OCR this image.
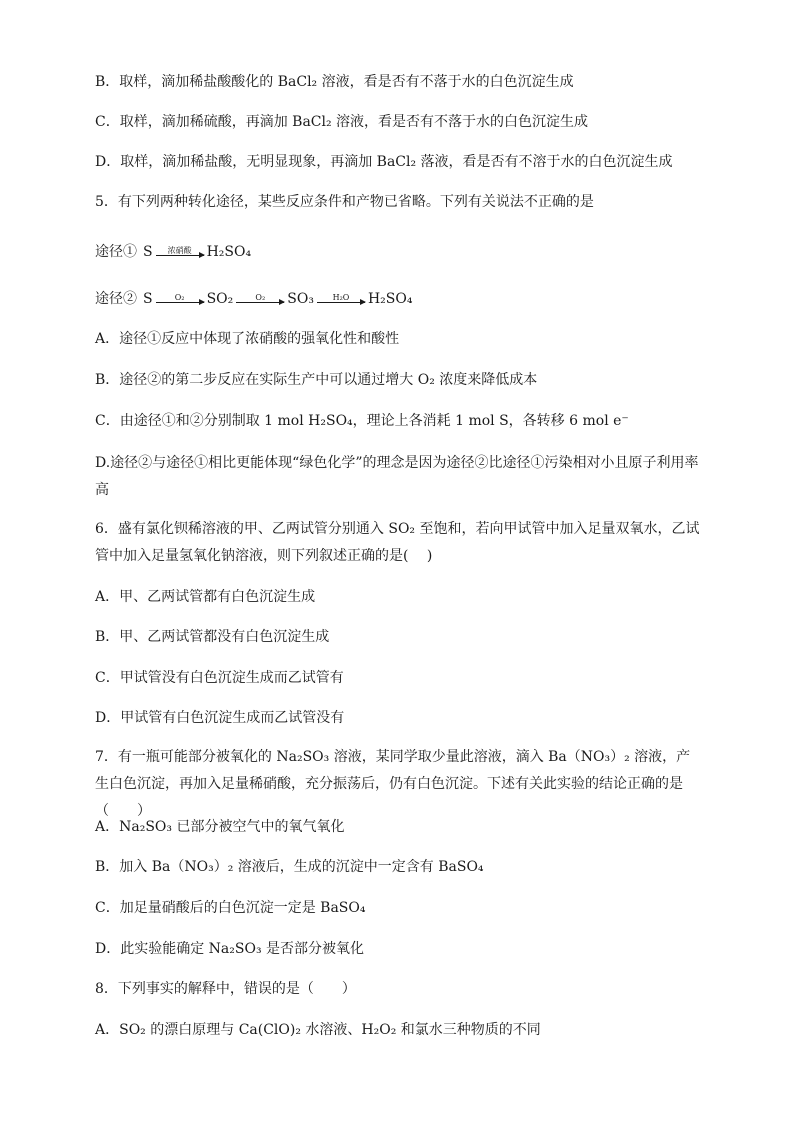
B．取样，滴加稀盐酸酸化的 BaCl₂ 溶液，看是否有不落于水的白色沉淀生成
C．取样，滴加稀硫酸，再滴加 BaCl₂ 溶液，看是否有不落于水的白色沉淀生成
D．取样，滴加稀盐酸，无明显现象，再滴加 BaCl₂ 落液，看是否有不溶于水的白色沉淀生成
5．有下列两种转化途径，某些反应条件和产物已省略。下列有关说法不正确的是
途径① S 浓硝酸 H₂SO₄
途径② S	O₂ SO₂	O₂ SO₃ H₂O H₂SO₄
A．途径①反应中体现了浓硝酸的强氧化性和酸性
B．途径②的第二步反应在实际生产中可以通过增大 O₂ 浓度来降低成本
C．由途径①和②分别制取 1 mol H₂SO₄，理论上各消耗 1 mol S，各转移 6 mol e⁻
D.途径②与途径①相比更能体现“绿色化学”的理念是因为途径②比途径①污染相对小且原子利用率高
6．盛有氯化钡稀溶液的甲、乙两试管分别通入 SO₂ 至饱和，若向甲试管中加入足量双氧水，乙试管中加入足量氢氧化钠溶液，则下列叙述正确的是(　 )
A．甲、乙两试管都有白色沉淀生成
B．甲、乙两试管都没有白色沉淀生成
C．甲试管没有白色沉淀生成而乙试管有
D．甲试管有白色沉淀生成而乙试管没有
7．有一瓶可能部分被氧化的 Na₂SO₃ 溶液，某同学取少量此溶液，滴入 Ba（NO₃）₂ 溶液，产生白色沉淀，再加入足量稀硝酸，充分振荡后，仍有白色沉淀。下述有关此实验的结论正确的是（　　）
A．Na₂SO₃ 已部分被空气中的氧气氧化
B．加入 Ba（NO₃）₂ 溶液后，生成的沉淀中一定含有 BaSO₄
C．加足量硝酸后的白色沉淀一定是 BaSO₄
D．此实验能确定 Na₂SO₃ 是否部分被氧化
8．下列事实的解释中，错误的是（　　）
A．SO₂ 的漂白原理与 Ca(ClO)₂ 水溶液、H₂O₂ 和氯水三种物质的不同
